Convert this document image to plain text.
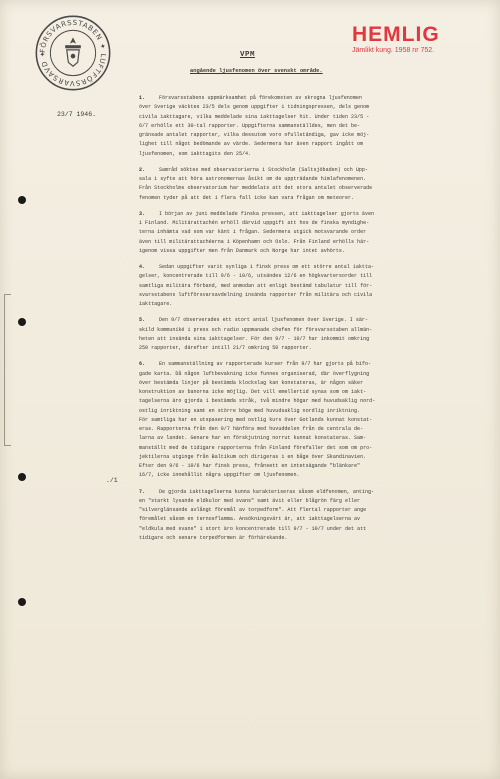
FÖRSVARSSTABEN ✦ LUFTFÖRSVARSAVD ✦	VPM
HEMLIG
Jämlikt kung. 1958 nr 752.
angående ljusfenomen över svenskt område.
23/7 1946.
./1
1.	Försvarsstabens uppmärksamhet på förekomsten av skrogna ljusfenomen
över Sverige väcktes 23/5 dels genom uppgifter i tidningspressen, dels genom
civila iakttagare, vilka meddelade sina iakttagelser hit. Under tiden 23/5 -
6/7 erhölls ett 30-tal rapporter. Uppgifterna sammanställdes, men det be-
gränsade antalet rapporter, vilka dessutom voro ofullständiga, gav icke möj-
lighet till något bedömande av värde. Sedermera har även rapport ingått om
ljusfenomen, som iakttagits den 25/4.
2.	Samråd söktes med observatorierna i Stockholm (Saltsjöbaden) och Upp-
sala i syfte att höra astronomernas åsikt om de uppträdande himlafenomenen.
Från Stockholms observatorium har meddelats att det stora antalet observerade
fenomen tyder på att det i flera fall icke kan vara frågan om meteorer.
3.	I början av juni meddelade finska pressen, att iakttagelser gjorts även
i Finland. Militärattachén erhöll därvid uppgift att hos de finska myndighe-
terna inhämta vad som var känt i frågan. Sedermera utgick motsvarande order
även till militärattachéerna i Köpenhamn och Oslo. Från Finland erhölls här-
igenom vissa uppgifter men från Danmark och Norge har intet avhörts.
4.	Sedan uppgifter varit synliga i finsk press om ett större antal iaktta-
gelser, koncentrerade till 9/6 - 10/6, utsändes 12/6 en högkvartersorder till
samtliga militära förband, med anmodan att enligt bestämd tabulatur till för-
svarsstabens luftförsvarsavdelning insända rapporter från militära och civila
iakttagare.
5.	Den 9/7 observerades ett stort antal ljusfenomen över Sverige. I sär-
skild kommuniké i press och radio uppmanade chefen för försvarsstaben allmän-
heten att insända sina iakttagelser. För den 9/7 - 10/7 har inkommit omkring
250 rapporter, därefter intill 21/7 omkring 50 rapporter.
6.	En sammanställning av rapporterade kurser från 9/7 har gjorts på bifo-
gade karta. Då någon luftbevakning icke funnes organiserad, där överflygning
över bestämda linjer på bestämda klockslag kan konstateras, är någon säker
konstruktion av banorna icke möjlig. Det vill emellertid synas som om iakt-
tagelserna äro gjorda i bestämda stråk, två mindre högar med huvudsaklig nord-
ostlig inriktning samt en större böge med huvudsaklig nordlig inriktning.
För samtliga har en utspasering med ostlig kurs över Gotlands kunnat konstat-
eras. Rapporterna från den 9/7 hänföra med huvuddelen från de centrala de-
larna av landet. Genare har en förskjutning norrut kunnat konstateras. Sam-
manställt med de tidigare rapporterna från Finland förefaller det som om pro-
jektilerna utginge från Baltikum och dirigeras i en båge över Skandinavien.
Efter den 9/6 - 10/6 har finsk press, frånsett en intetsägande "blänkare"
16/7, icke innehållit några uppgifter om ljusfenomen.
7.	De gjorda iakttagelserna kunna karakteriseras såsom eldfenomen, anting-
en "starkt lysande eldkulor med svans" samt ävit eller blågrön färg eller
"silverglänsande avlångt föremål av torpedform". Att flertal rapporter ange
föremålet såsom en ternosflamma. Ansökningsvärt är, att iakttagelserna av
"eldkula med svans" i stort äro koncentrerade till 9/7 - 10/7 under det att
tidigare och senare torpedformen är förhärskande.
